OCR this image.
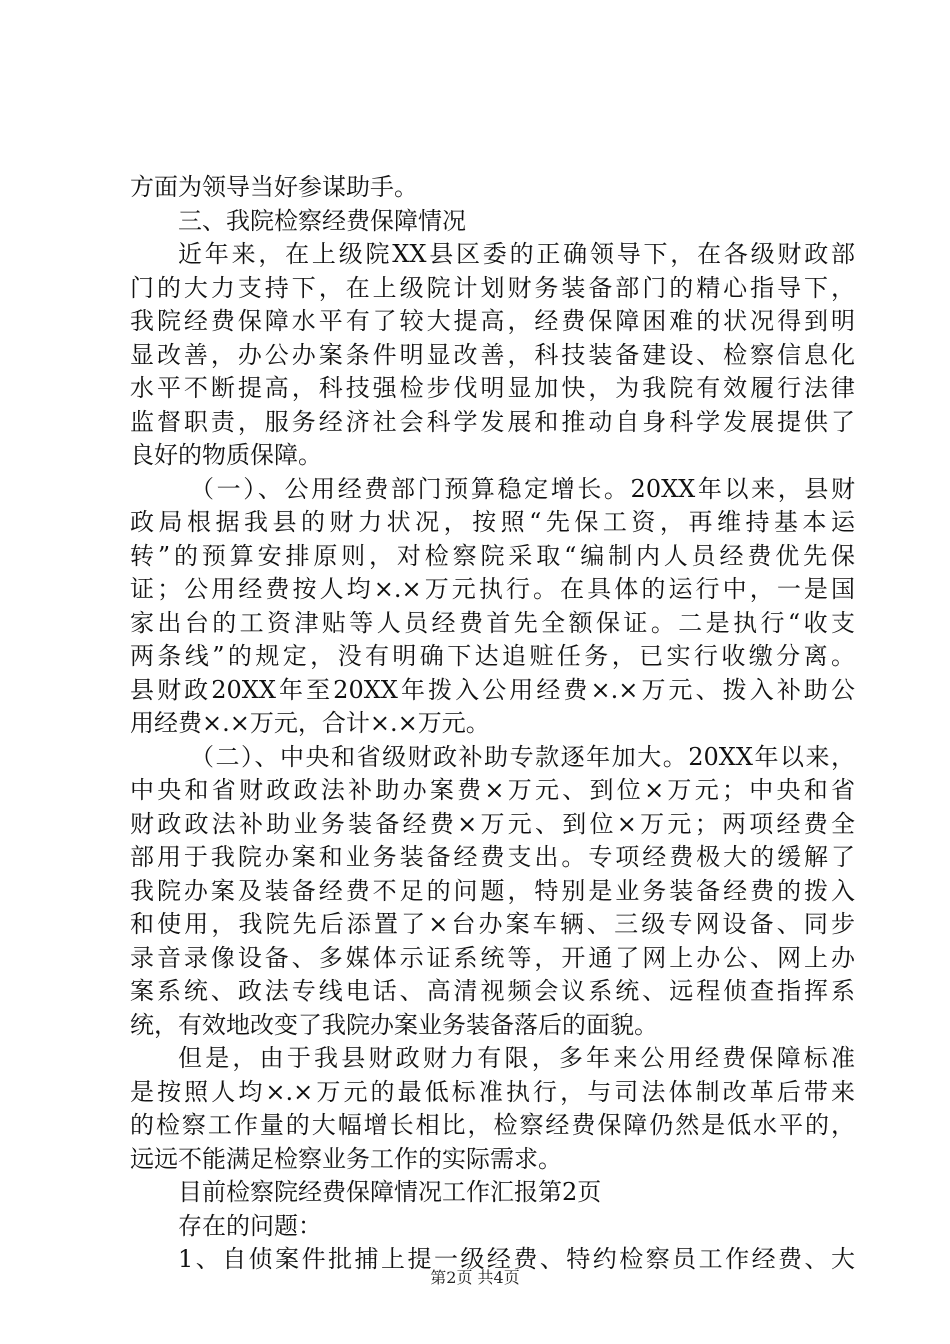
方面为领导当好参谋助手。
三、我院检察经费保障情况
近年来，在上级院XX县区委的正确领导下，在各级财政部
门的大力支持下，在上级院计划财务装备部门的精心指导下，
我院经费保障水平有了较大提高，经费保障困难的状况得到明
显改善，办公办案条件明显改善，科技装备建设、检察信息化
水平不断提高，科技强检步伐明显加快，为我院有效履行法律
监督职责，服务经济社会科学发展和推动自身科学发展提供了
良好的物质保障。
（一）、公用经费部门预算稳定增长。20XX年以来，县财
政局根据我县的财力状况，按照“先保工资，再维持基本运
转”的预算安排原则，对检察院采取“编制内人员经费优先保
证；公用经费按人均×.×万元执行。在具体的运行中，一是国
家出台的工资津贴等人员经费首先全额保证。二是执行“收支
两条线”的规定，没有明确下达追赃任务，已实行收缴分离。
县财政20XX年至20XX年拨入公用经费×.×万元、拨入补助公
用经费×.×万元，合计×.×万元。
（二）、中央和省级财政补助专款逐年加大。20XX年以来，
中央和省财政政法补助办案费×万元、到位×万元；中央和省
财政政法补助业务装备经费×万元、到位×万元；两项经费全
部用于我院办案和业务装备经费支出。专项经费极大的缓解了
我院办案及装备经费不足的问题，特别是业务装备经费的拨入
和使用，我院先后添置了×台办案车辆、三级专网设备、同步
录音录像设备、多媒体示证系统等，开通了网上办公、网上办
案系统、政法专线电话、高清视频会议系统、远程侦查指挥系
统，有效地改变了我院办案业务装备落后的面貌。
但是，由于我县财政财力有限，多年来公用经费保障标准
是按照人均×.×万元的最低标准执行，与司法体制改革后带来
的检察工作量的大幅增长相比，检察经费保障仍然是低水平的，
远远不能满足检察业务工作的实际需求。
目前检察院经费保障情况工作汇报第2页
存在的问题：
1、自侦案件批捕上提一级经费、特约检察员工作经费、大
第2页 共4页
